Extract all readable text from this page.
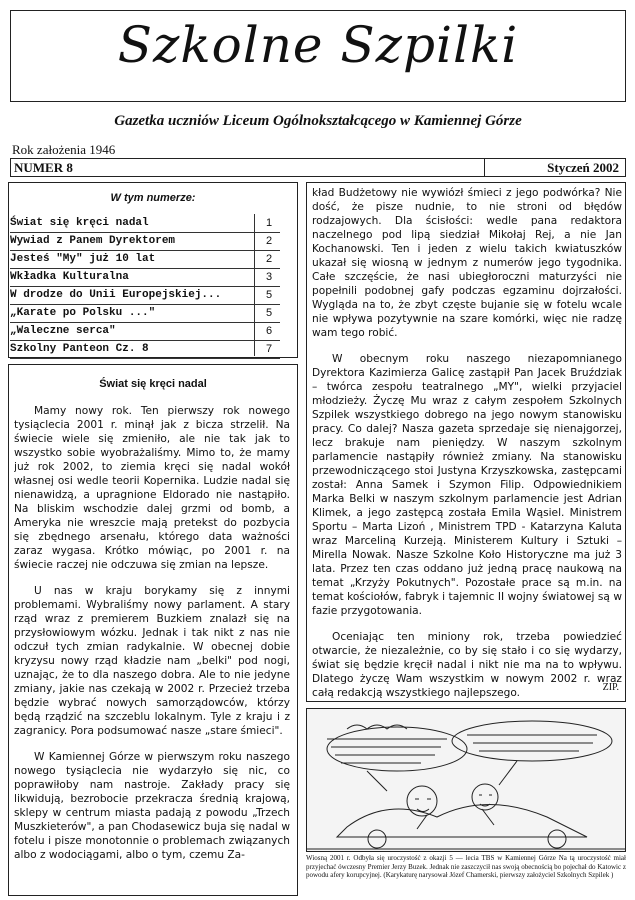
Szkolne Szpilki
Gazetka uczniów Liceum Ogólnokształcącego w Kamiennej Górze
Rok założenia 1946
NUMER 8	Styczeń 2002
W tym numerze:
Świat się kręci nadal	1
Wywiad z Panem Dyrektorem	2
Jesteś "My" już 10 lat	2
Wkładka Kulturalna	3
W drodze do Unii Europejskiej...	5
„Karate po Polsku ..."	5
„Waleczne serca"	6
Szkolny Panteon Cz. 8	7
Świat się kręci nadal

Mamy nowy rok. Ten pierwszy rok nowego tysiąclecia 2001 r. minął jak z bicza strzelił. Na świecie wiele się zmieniło, ale nie tak jak to wszystko sobie wyobrażaliśmy. Mimo to, że mamy już rok 2002, to ziemia kręci się nadal wokół własnej osi wedle teorii Kopernika. Ludzie nadal się nienawidzą, a upragnione Eldorado nie nastąpiło. Na bliskim wschodzie dalej grzmi od bomb, a Ameryka nie wreszcie mają pretekst do pozbycia się zbędnego arsenału, którego data ważności zaraz wygasa. Krótko mówiąc, po 2001 r. na świecie raczej nie odczuwa się zmian na lepsze.

U nas w kraju borykamy się z innymi problemami. Wybraliśmy nowy parlament. A stary rząd wraz z premierem Buzkiem znalazł się na przysłowiowym wózku. Jednak i tak nikt z nas nie odczuł tych zmian radykalnie. W obecnej dobie kryzysu nowy rząd kładzie nam „belki" pod nogi, uznając, że to dla naszego dobra. Ale to nie jedyne zmiany, jakie nas czekają w 2002 r. Przecież trzeba będzie wybrać nowych samorządowców, którzy będą rządzić na szczeblu lokalnym. Tyle z kraju i z zagranicy. Pora podsumować nasze „stare śmieci".

W Kamiennej Górze w pierwszym roku naszego nowego tysiąclecia nie wydarzyło się nic, co poprawiłoby nam nastroje. Zakłady pracy się likwidują, bezrobocie przekracza średnią krajową, sklepy w centrum miasta padają z powodu „Trzech Muszkieterów", a pan Chodasewicz buja się nadal w fotelu i pisze monotonnie o problemach związanych albo z wodociągami, albo o tym, czemu Za-

kład Budżetowy nie wywiózł śmieci z jego podwórka? Nie dość, że pisze nudnie, to nie stroni od błędów rodzajowych. Dla ścisłości: wedle pana redaktora naczelnego pod lipą siedział Mikołaj Rej, a nie Jan Kochanowski. Ten i jeden z wielu takich kwiatuszków ukazał się wiosną w jednym z numerów jego tygodnika. Całe szczęście, że nasi ubiegłoroczni maturzyści nie popełnili podobnej gafy podczas egzaminu dojrzałości. Wygląda na to, że zbyt częste bujanie się w fotelu wcale nie wpływa pozytywnie na szare komórki, więc nie radzę wam tego robić.

W obecnym roku naszego niezapomnianego Dyrektora Kazimierza Galicę zastąpił Pan Jacek Bruździak – twórca zespołu teatralnego „MY", wielki przyjaciel młodzieży. Życzę Mu wraz z całym zespołem Szkolnych Szpilek wszystkiego dobrego na jego nowym stanowisku pracy. Co dalej? Nasza gazeta sprzedaje się nienajgorzej, lecz brakuje nam pieniędzy. W naszym szkolnym parlamencie nastąpiły również zmiany. Na stanowisku przewodniczącego stoi Justyna Krzyszkowska, zastępcami został: Anna Samek i Szymon Filip. Odpowiednikiem Marka Belki w naszym szkolnym parlamencie jest Adrian Klimek, a jego zastępcą została Emila Wąsiel. Ministrem Sportu – Marta Lizoń , Ministrem TPD - Katarzyna Kaluta wraz Marceliną Kurzeją. Ministerem Kultury i Sztuki – Mirella Nowak. Nasze Szkolne Koło Historyczne ma już 3 lata. Przez ten czas oddano już jedną pracę naukową na temat „Krzyży Pokutnych". Pozostałe prace są m.in. na temat kościołów, fabryk i tajemnic II wojny światowej są w fazie przygotowania.

Oceniając ten miniony rok, trzeba powiedzieć otwarcie, że niezależnie, co by się stało i co się wydarzy, świat się będzie kręcił nadal i nikt nie ma na to wpływu. Dlatego życzę Wam wszystkim w nowym 2002 r. wraz całą redakcją wszystkiego najlepszego.	ZIP.
Wiosną 2001 r. Odbyła się uroczystość z okazji 5 — lecia TBS w Kamiennej Górze Na tą uroczystość miał przyjechać ówczesny Premier Jerzy Buzek. Jednak nie zaszczycił nas swoją obecnością bo pojechał do Katowic z powodu afery korupcyjnej. (Karykaturę narysował Józef Chamerski, pierwszy założyciel Szkolnych Szpilek )
